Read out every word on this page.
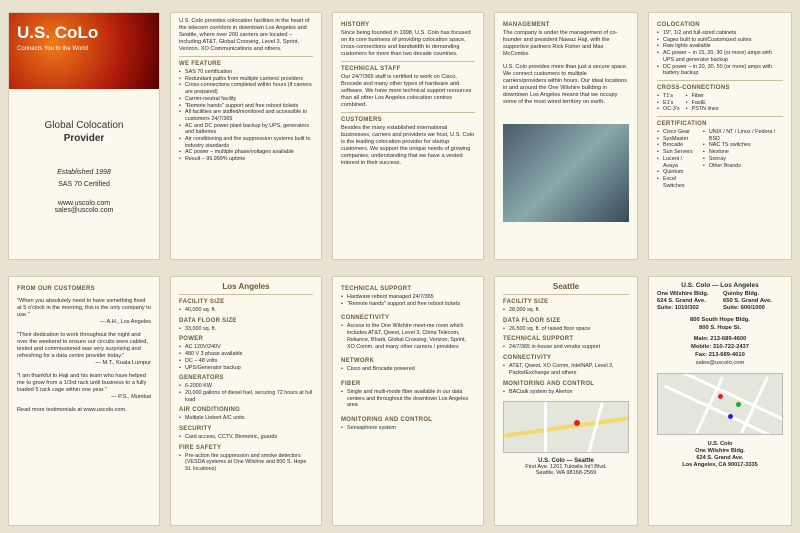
U.S. CoLo
Connects You to the World
Global Colocation
Provider
Established 1998
SAS 70 Certified
www.uscolo.com
sales@uscolo.com
U.S. Colo provides colocation facilities in the heart of the telecom corridors in downtown Los Angeles and Seattle, where over 200 carriers are located – including AT&T, Global Crossing, Level 3, Sprint, Verizon, XO Communications and others.
WE FEATURE
• SAS 70 certification
• Redundant paths from multiple carriers/ providers
• Cross-connections completed within hours (if carriers are prepared)
• Carrier-neutral facility
• "Remote hands" support and free reboot tickets
• All facilities are staffed/monitored and accessible to customers 24/7/365
• AC and DC power plant backup by UPS, generators and batteries
• Air conditioning and fire suppression systems built to industry standards
• AC power – multiple phase/voltages available
• Result – 99.999% uptime
HISTORY
Since being founded in 1998, U.S. Colo has focused on its core business of providing colocation space, cross-connections and bandwidth to demanding customers for more than two decade countries.
TECHNICAL STAFF
Our 24/7/365 staff is certified to work on Cisco, Brocade and many other types of hardware and software. We have more technical support resources than all other Los Angeles colocation centres combined.
CUSTOMERS
Besides the many established international businesses, carriers and providers we host, U.S. Colo is the leading colocation provider for startup customers. We support the unique needs of growing companies; understanding that we have a vested interest in their success.
MANAGEMENT
The company is under the management of co-founder and president Nawaz Haji, with the supportive partners Rick Fisher and Max McCombs.
U.S. Colo provides more than just a secure space. We connect customers to multiple carriers/providers within hours. Our ideal locations in and around the One Wilshire building in downtown Los Angeles means that we occupy some of the most wired territory on earth.
COLOCATION
• 19", 1/2 and full-sized cabinets
• Cages built to suit/Customized suites
• Raw lights available
• AC power – in 15, 20, 30 (or more) amps with UPS and generator backup
• DC power – in 20, 30, 50 (or more) amps with battery backup
CROSS-CONNECTIONS
• T1's
• E1's
• OC-3's
• Fiber
• FastE
• PSTN lines
CERTIFICATION
• Cisco Gear
• SysMaster
• Brocade
• Sun Servers
• Lucent / Avaya
• Quintum
• Excel Switches
• UNIX / NT / Linux / Fedora / BSD
• NAC TS switches
• Nextone
• Sonray
• Other Brands
FROM OUR CUSTOMERS
"When you absolutely need to have something fixed at 5 o'clock in the morning, this is the only company to use."
— A.H., Los Angeles
"Their dedication to work throughout the night and over the weekend to ensure our circuits were cabled, tested and commissioned was very surprising and refreshing for a data centre provider today."
— M.T., Kuala Lumpur
"I am thankful to Haji and his team who have helped me to grow from a 1/3rd rack until business to a fully loaded 5 rack cage within one year."
— P.S., Mumbai
Read more testimonials at www.uscolo.com.
Los Angeles
FACILITY SIZE
• 40,000 sq. ft.
DATA FLOOR SIZE
• 33,000 sq. ft.
POWER
• AC 120V/240V
• 480 V 3 phase available
• DC – 48 volts
• UPS/Generator backup
GENERATORS
• 6-2000 KW
• 20,000 gallons of diesel fuel, securing 72 hours at full load
AIR CONDITIONING
• Multiple Liebert A/C units
SECURITY
• Card access, CCTV, Biometric, guards
FIRE SAFETY
• Pre-action fire suppression and smoke detectors (VESDA systems at One Wilshire and 800 S. Hope St. locations)
TECHNICAL SUPPORT
• Hardware reboot managed 24/7/365
• "Remote hands" support and free reboot tickets
CONNECTIVITY
• Access to the One Wilshire meet-me room which includes AT&T, Qwest, Level 3, China Telecom, Reliance, Bharti, Global Crossing, Verizon, Sprint, XO Comm. and many other carriers / providers
NETWORK
• Cisco and Brocade powered
FIBER
• Single and multi-mode fiber available in our data centers and throughout the downtown Los Angeles area
MONITORING AND CONTROL
• Sensaphone system
Seattle
FACILITY SIZE
• 28,000 sq. ft.
DATA FLOOR SIZE
• 26,500 sq. ft. of raised floor space
TECHNICAL SUPPORT
• 24/7/365 in-house and vendor support
CONNECTIVITY
• AT&T, Qwest, XO Comm, IntelNAP, Level 3, PacketExchange and others
MONITORING AND CONTROL
• BACtalk system by Alerton
U.S. Colo — Seattle
First Ave. 1201 Tukwila Int'l Blvd.
Seattle, WA 98168-2569
U.S. Colo — Los Angeles
One Wilshire Bldg.
624 S. Grand Ave.
Suite: 1010/302
Quinby Bldg.
650 S. Grand Ave.
Suite: 600/1000
800 South Hope Bldg.
800 S. Hope St.
Main: 213-689-4600
Mobile: 310-722-2437
Fax: 213-689-4610
sales@uscolo.com
U.S. Colo
One Wilshire Bldg.
624 S. Grand Ave.
Los Angeles, CA 90017-3335
